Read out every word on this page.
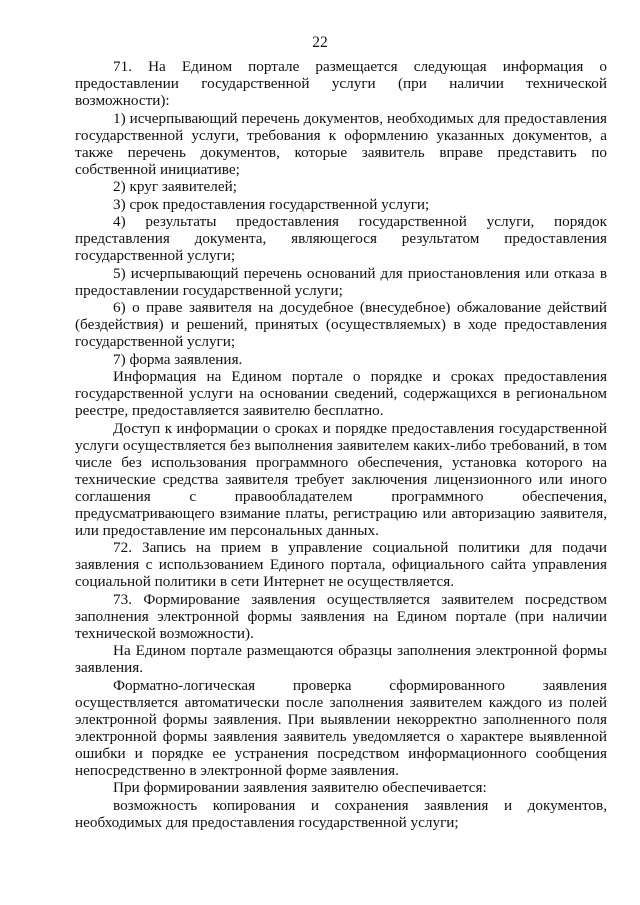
22

71. На Едином портале размещается следующая информация о предоставлении государственной услуги (при наличии технической возможности):

1) исчерпывающий перечень документов, необходимых для предоставления государственной услуги, требования к оформлению указанных документов, а также перечень документов, которые заявитель вправе представить по собственной инициативе;

2) круг заявителей;

3) срок предоставления государственной услуги;

4) результаты предоставления государственной услуги, порядок представления документа, являющегося результатом предоставления государственной услуги;

5) исчерпывающий перечень оснований для приостановления или отказа в предоставлении государственной услуги;

6) о праве заявителя на досудебное (внесудебное) обжалование действий (бездействия) и решений, принятых (осуществляемых) в ходе предоставления государственной услуги;

7) форма заявления.

Информация на Едином портале о порядке и сроках предоставления государственной услуги на основании сведений, содержащихся в региональном реестре, предоставляется заявителю бесплатно.

Доступ к информации о сроках и порядке предоставления государственной услуги осуществляется без выполнения заявителем каких-либо требований, в том числе без использования программного обеспечения, установка которого на технические средства заявителя требует заключения лицензионного или иного соглашения с правообладателем программного обеспечения, предусматривающего взимание платы, регистрацию или авторизацию заявителя, или предоставление им персональных данных.

72. Запись на прием в управление социальной политики для подачи заявления с использованием Единого портала, официального сайта управления социальной политики в сети Интернет не осуществляется.

73. Формирование заявления осуществляется заявителем посредством заполнения электронной формы заявления на Едином портале (при наличии технической возможности).

На Едином портале размещаются образцы заполнения электронной формы заявления.

Форматно-логическая проверка сформированного заявления осуществляется автоматически после заполнения заявителем каждого из полей электронной формы заявления. При выявлении некорректно заполненного поля электронной формы заявления заявитель уведомляется о характере выявленной ошибки и порядке ее устранения посредством информационного сообщения непосредственно в электронной форме заявления.

При формировании заявления заявителю обеспечивается:

возможность копирования и сохранения заявления и документов, необходимых для предоставления государственной услуги;
